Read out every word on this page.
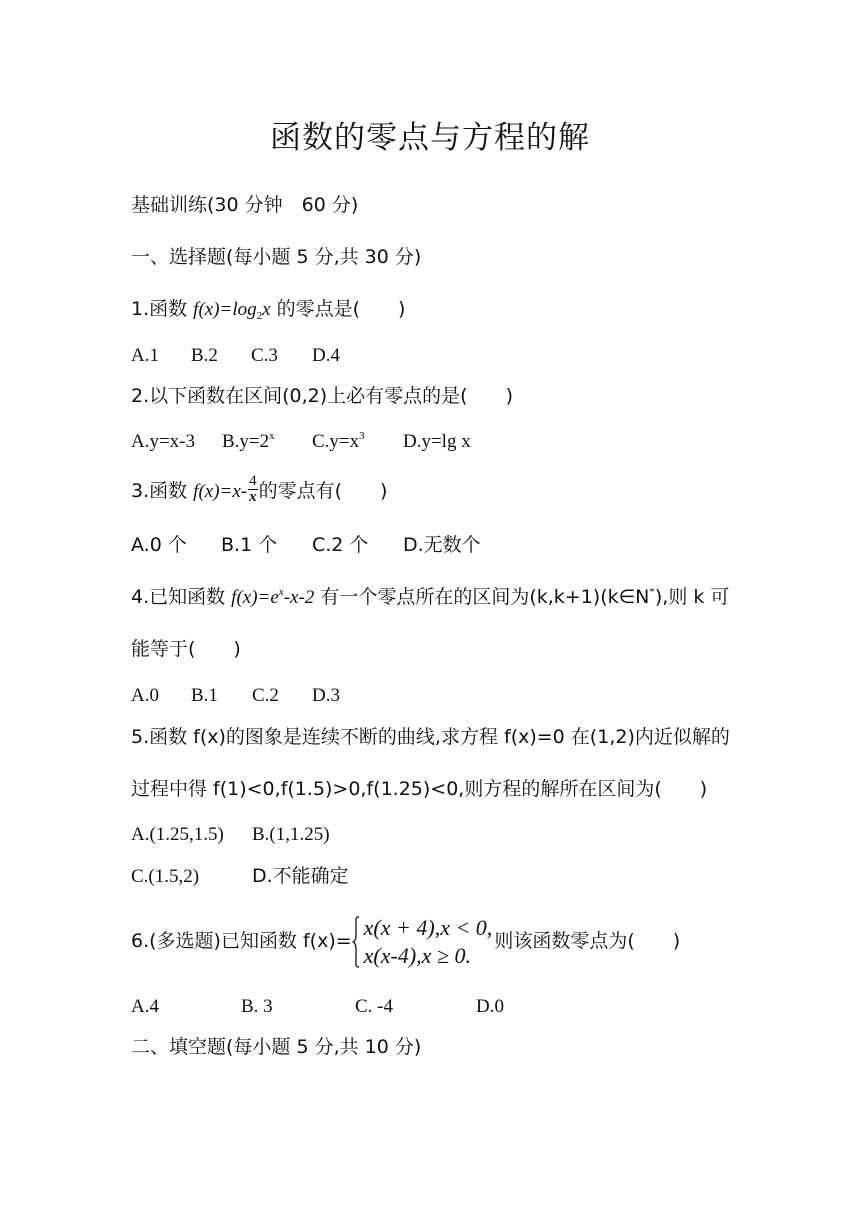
函数的零点与方程的解
基础训练(30 分钟　60 分)
一、选择题(每小题 5 分,共 30 分)
1.函数 $f(x)=\log_2x$ 的零点是(　　)
A.1 B.2 C.3 D.4
2.以下函数在区间(0,2)上必有零点的是(　　)
A.y=x-3 $B.y=2^x$ $C.y=x^3$ D.y=lg x
3.函数 $f(x)=x- \frac{4}{x}$ 的零点有(　　)
A.0 个 B.1 个 C.2 个 D.无数个
4.已知函数 $f(x)=e^x-x-2$ 有一个零点所在的区间为(k,k+1)(k∈N*),则 k 可
能等于(　　)
A.0 B.1 C.2 D.3
5.函数 f(x)的图象是连续不断的曲线,求方程 f(x)=0 在(1,2)内近似解的
过程中得 f(1)<0,f(1.5)>0,f(1.25)<0,则方程的解所在区间为(　　)
A.(1.25,1.5) B.(1,1.25)
C.(1.5,2)	D.不能确定
6.(多选题)已知函数 f(x)=
x(x + 4),x < 0,
x(x-4),x ≥ 0.
则该函数零点为(　　)
A.4	B. 3	C. -4	D.0
二、填空题(每小题 5 分,共 10 分)
